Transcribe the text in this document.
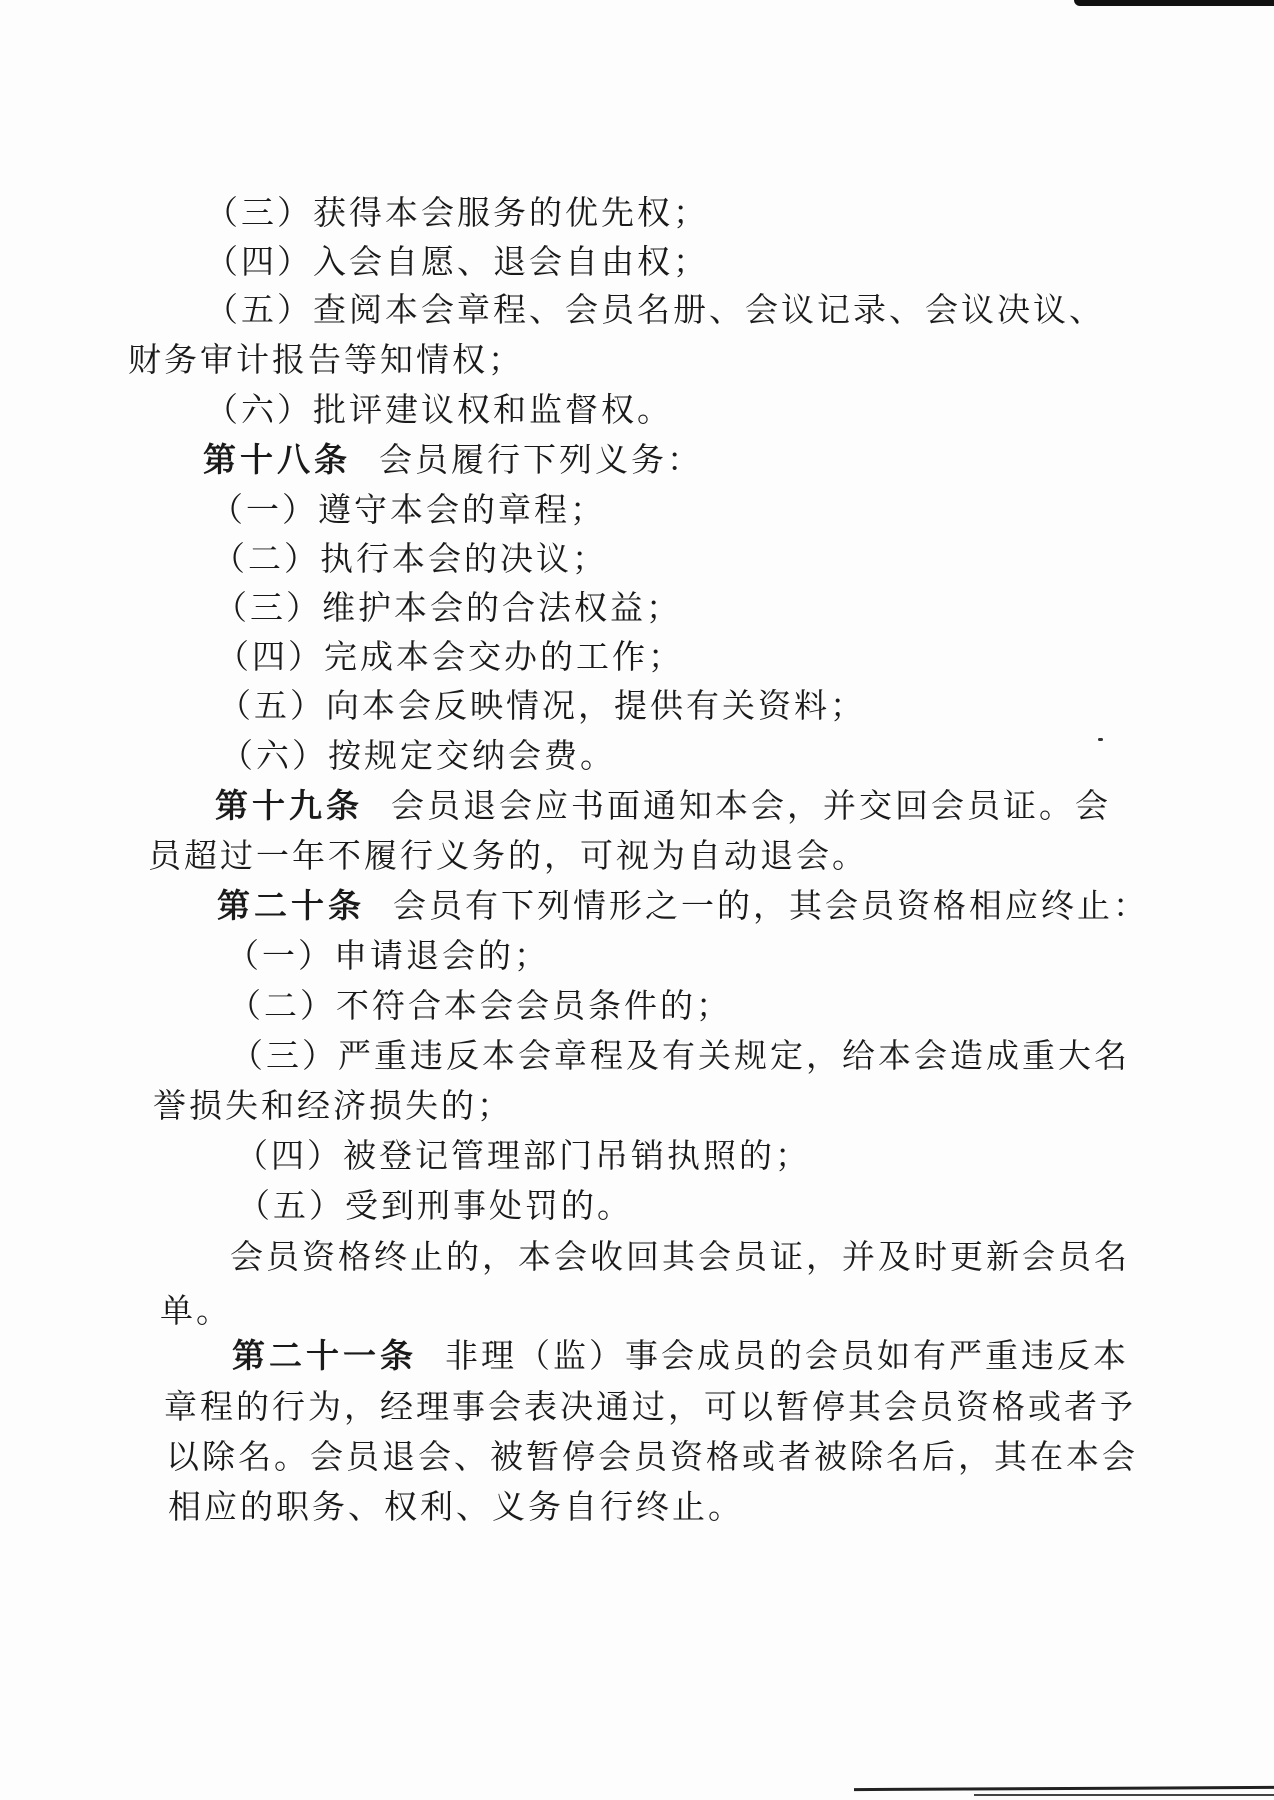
（三）获得本会服务的优先权；
（四）入会自愿、退会自由权；
（五）查阅本会章程、会员名册、会议记录、会议决议、
财务审计报告等知情权；
（六）批评建议权和监督权。
第十八条 会员履行下列义务：
（一）遵守本会的章程；
（二）执行本会的决议；
（三）维护本会的合法权益；
（四）完成本会交办的工作；
（五）向本会反映情况，提供有关资料；
（六）按规定交纳会费。
第十九条 会员退会应书面通知本会，并交回会员证。会
员超过一年不履行义务的，可视为自动退会。
第二十条 会员有下列情形之一的，其会员资格相应终止：
（一）申请退会的；
（二）不符合本会会员条件的；
（三）严重违反本会章程及有关规定，给本会造成重大名
誉损失和经济损失的；
（四）被登记管理部门吊销执照的；
（五）受到刑事处罚的。
会员资格终止的，本会收回其会员证，并及时更新会员名
单。
第二十一条 非理（监）事会成员的会员如有严重违反本
章程的行为，经理事会表决通过，可以暂停其会员资格或者予
以除名。会员退会、被暂停会员资格或者被除名后，其在本会
相应的职务、权利、义务自行终止。
